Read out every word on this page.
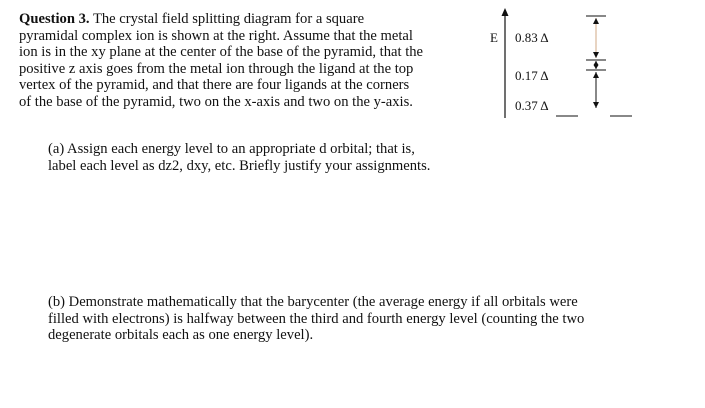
Question 3. The crystal field splitting diagram for a square
pyramidal complex ion is shown at the right. Assume that the metal
ion is in the xy plane at the center of the base of the pyramid, that the
positive z axis goes from the metal ion through the ligand at the top
vertex of the pyramid, and that there are four ligands at the corners
of the base of the pyramid, two on the x-axis and two on the y-axis.
(a) Assign each energy level to an appropriate d orbital; that is,
label each level as dz2, dxy, etc. Briefly justify your assignments.
(b) Demonstrate mathematically that the barycenter (the average energy if all orbitals were
filled with electrons) is halfway between the third and fourth energy level (counting the two
degenerate orbitals each as one energy level).
E 0.83 Δ
0.17 Δ
0.37 Δ
